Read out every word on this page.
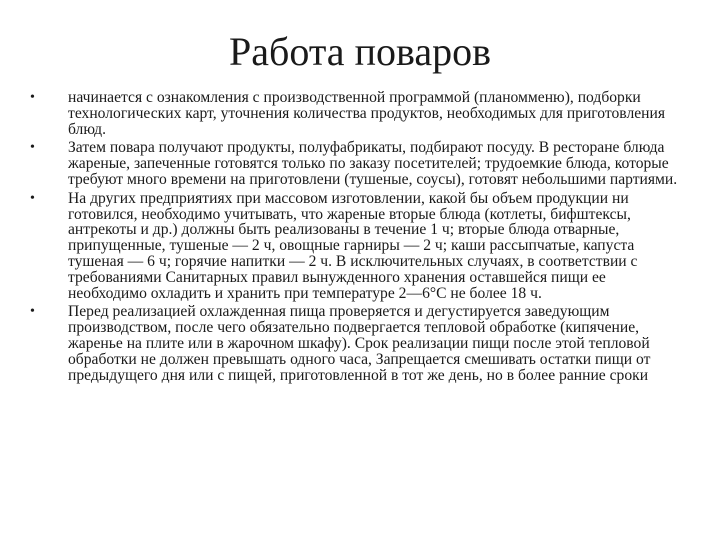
Работа поваров
• начинается с ознакомления с производственной программой (планомменю), подборки технологических карт, уточнения количества продуктов, необходимых для приготовления блюд.
• Затем повара получают продукты, полуфабрикаты, подбирают посуду. В ресторане блюда жареные, запеченные готовятся только по заказу посетителей; трудоемкие блюда, которые требуют много времени на приготовлени (тушеные, соусы), готовят небольшими партиями.
• На других предприятиях при массовом изготовлении, какой бы объем продукции ни готовился, необходимо учитывать, что жареные вторые блюда (котлеты, бифштексы, антрекоты и др.) должны быть реализованы в течение 1 ч; вторые блюда отварные, припущенные, тушеные — 2 ч, овощные гарниры — 2 ч; каши рассыпчатые, капуста тушеная — 6 ч; горячие напитки — 2 ч. В исключительных случаях, в соответствии с требованиями Санитарных правил вынужденного хранения оставшейся пищи ее необходимо охладить и хранить при температуре 2—6°С не более 18 ч.
• Перед реализацией охлажденная пища проверяется и дегустируется заведующим производством, после чего обязательно подвергается тепловой обработке (кипячение, жаренье на плите или в жарочном шкафу). Срок реализации пищи после этой тепловой обработки не должен превышать одного часа, Запрещается смешивать остатки пищи от предыдущего дня или с пищей, приготовленной в тот же день, но в более ранние сроки
